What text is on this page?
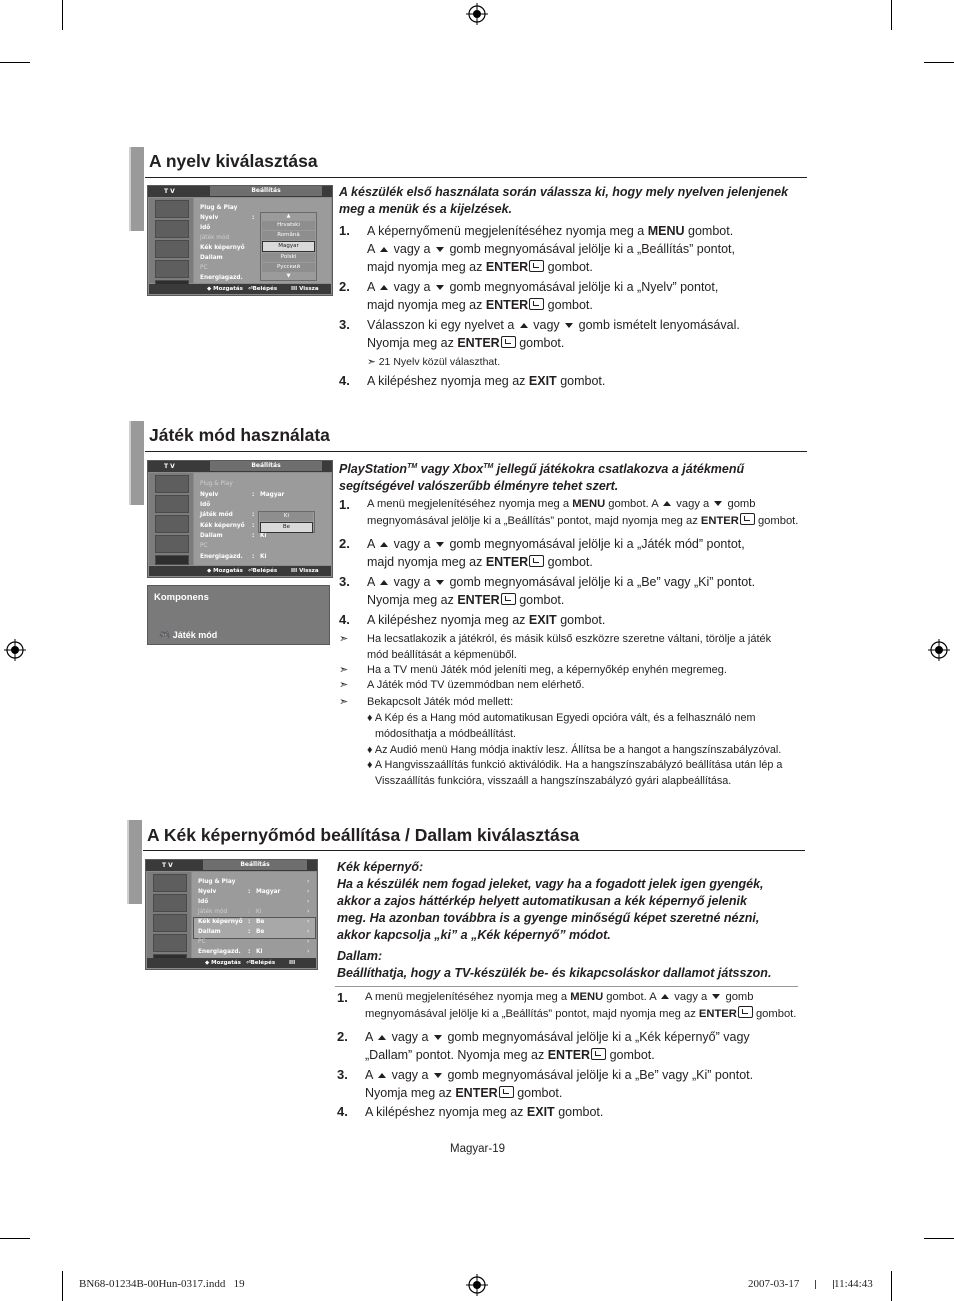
A nyelv kiválasztása
T V	Beállítás
Plug & Play
Nyelv	:
Idő
Játék mód
Kék képernyő
Dallam
PC
Energiagazd.
▲
Hrvatski
Română
Magyar
Polski
Русский
▼
◆ Mozgatás ⏎Belépés	III Vissza
A készülék első használata során válassza ki, hogy mely nyelven jelenjenek meg a menük és a kijelzések.
1. A képernyőmenü megjelenítéséhez nyomja meg a MENU gombot.
A vagy a gomb megnyomásával jelölje ki a „Beállítás” pontot,
majd nyomja meg az ENTER gombot.
2. A vagy a gomb megnyomásával jelölje ki a „Nyelv” pontot,
majd nyomja meg az ENTER gombot.
3. Válasszon ki egy nyelvet a vagy gomb ismételt lenyomásával.
Nyomja meg az ENTER gombot.
➣ 21 Nyelv közül választhat.
4. A kilépéshez nyomja meg az EXIT gombot.
Játék mód használata
T V	Beállítás
Plug & Play
Nyelv	: Magyar
Idő
Játék mód	:
Kék képernyő :
Dallam	: Ki
PC
Energiagazd. : Ki
Ki
Be
◆ Mozgatás ⏎Belépés	III Vissza
Komponens
🎮 Játék mód
PlayStation™ vagy Xbox™ jellegű játékokra csatlakozva a játékmenű
segítségével valószerűbb élményre tehet szert.
1. A menü megjelenítéséhez nyomja meg a MENU gombot. A vagy a gomb
megnyomásával jelölje ki a „Beállítás” pontot, majd nyomja meg az ENTER gombot.
2. A vagy a gomb megnyomásával jelölje ki a „Játék mód” pontot,
majd nyomja meg az ENTER gombot.
3. A vagy a gomb megnyomásával jelölje ki a „Be” vagy „Ki” pontot.
Nyomja meg az ENTER gombot.
4. A kilépéshez nyomja meg az EXIT gombot.
➣ Ha lecsatlakozik a játékról, és másik külső eszközre szeretne váltani, törölje a játék
mód beállítását a képmenüből.
➣ Ha a TV menü Játék mód jeleníti meg, a képernyőkép enyhén megremeg.
➣ A Játék mód TV üzemmódban nem elérhető.
➣ Bekapcsolt Játék mód mellett:
♦ A Kép és a Hang mód automatikusan Egyedi opcióra vált, és a felhasználó nem
módosíthatja a módbeállítást.
♦ Az Audió menü Hang módja inaktív lesz. Állítsa be a hangot a hangszínszabályzóval.
♦ A Hangvisszaállítás funkció aktiválódik. Ha a hangszínszabályzó beállítása után lép a
Visszaállítás funkcióra, visszaáll a hangszínszabályzó gyári alapbeállítása.
A Kék képernyőmód beállítása / Dallam kiválasztása
T V	Beállítás
Plug & Play	›
Nyelv	: Magyar	›
Idő	›
Játék mód	: Ki	›
Kék képernyő : Be	›
Dallam	: Be	›
PC	›
Energiagazd. : Ki	›
◆ Mozgatás ⏎Belépés	III Vissza
Kék képernyő:
Ha a készülék nem fogad jeleket, vagy ha a fogadott jelek igen gyengék,
akkor a zajos háttérkép helyett automatikusan a kék képernyő jelenik
meg. Ha azonban továbbra is a gyenge minőségű képet szeretné nézni,
akkor kapcsolja „ki” a „Kék képernyő” módot.
Dallam:
Beállíthatja, hogy a TV-készülék be- és kikapcsoláskor dallamot játsszon.
1. A menü megjelenítéséhez nyomja meg a MENU gombot. A vagy a gomb
megnyomásával jelölje ki a „Beállítás” pontot, majd nyomja meg az ENTER gombot.
2. A vagy a gomb megnyomásával jelölje ki a „Kék képernyő” vagy
„Dallam” pontot. Nyomja meg az ENTER gombot.
3. A vagy a gomb megnyomásával jelölje ki a „Be” vagy „Ki” pontot.
Nyomja meg az ENTER gombot.
4. A kilépéshez nyomja meg az EXIT gombot.
Magyar-19
BN68-01234B-00Hun-0317.indd   19	2007-03-17	11:44:43
